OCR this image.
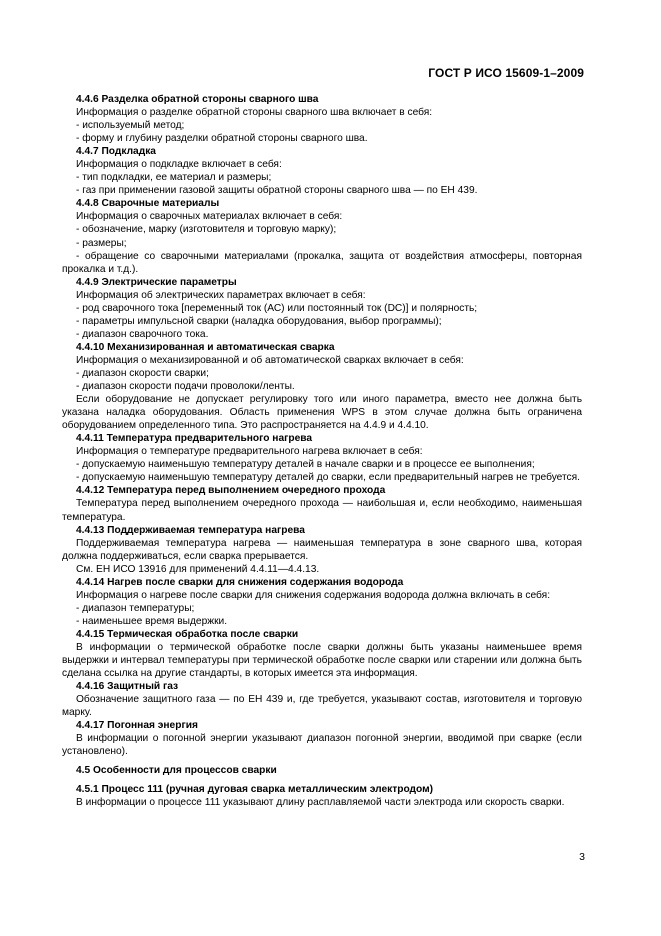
ГОСТ Р ИСО 15609-1–2009

4.4.6 Разделка обратной стороны сварного шва

Информация о разделке обратной стороны сварного шва включает в себя:

- используемый метод;

- форму и глубину разделки обратной стороны сварного шва.

4.4.7 Подкладка

Информация о подкладке включает в себя:

- тип подкладки, ее материал и размеры;

- газ при применении газовой защиты обратной стороны сварного шва — по ЕН 439.

4.4.8 Сварочные материалы

Информация о сварочных материалах включает в себя:

- обозначение, марку (изготовителя и торговую марку);

- размеры;

- обращение со сварочными материалами (прокалка, защита от воздействия атмосферы, повторная прокалка и т.д.).

4.4.9 Электрические параметры

Информация об электрических параметрах включает в себя:

- род сварочного тока [переменный ток (АС) или постоянный ток (DC)] и полярность;

- параметры импульсной сварки (наладка оборудования, выбор программы);

- диапазон сварочного тока.

4.4.10 Механизированная и автоматическая сварка

Информация о механизированной и об автоматической сварках включает в себя:

- диапазон скорости сварки;

- диапазон скорости подачи проволоки/ленты.

Если оборудование не допускает регулировку того или иного параметра, вместо нее должна быть указана наладка оборудования. Область применения WPS в этом случае должна быть ограничена оборудованием определенного типа. Это распространяется на 4.4.9 и 4.4.10.

4.4.11 Температура предварительного нагрева

Информация о температуре предварительного нагрева включает в себя:

- допускаемую наименьшую температуру деталей в начале сварки и в процессе ее выполнения;

- допускаемую наименьшую температуру деталей до сварки, если предварительный нагрев не требуется.

4.4.12 Температура перед выполнением очередного прохода

Температура перед выполнением очередного прохода — наибольшая и, если необходимо, наименьшая температура.

4.4.13 Поддерживаемая температура нагрева

Поддерживаемая температура нагрева — наименьшая температура в зоне сварного шва, которая должна поддерживаться, если сварка прерывается.

См. ЕН ИСО 13916 для применений 4.4.11—4.4.13.

4.4.14 Нагрев после сварки для снижения содержания водорода

Информация о нагреве после сварки для снижения содержания водорода должна включать в себя:

- диапазон температуры;

- наименьшее время выдержки.

4.4.15 Термическая обработка после сварки

В информации о термической обработке после сварки должны быть указаны наименьшее время выдержки и интервал температуры при термической обработке после сварки или старении или должна быть сделана ссылка на другие стандарты, в которых имеется эта информация.

4.4.16 Защитный газ

Обозначение защитного газа — по ЕН 439 и, где требуется, указывают состав, изготовителя и торговую марку.

4.4.17 Погонная энергия

В информации о погонной энергии указывают диапазон погонной энергии, вводимой при сварке (если установлено).

4.5 Особенности для процессов сварки

4.5.1 Процесс 111 (ручная дуговая сварка металлическим электродом)

В информации о процессе 111 указывают длину расплавляемой части электрода или скорость сварки.

3
